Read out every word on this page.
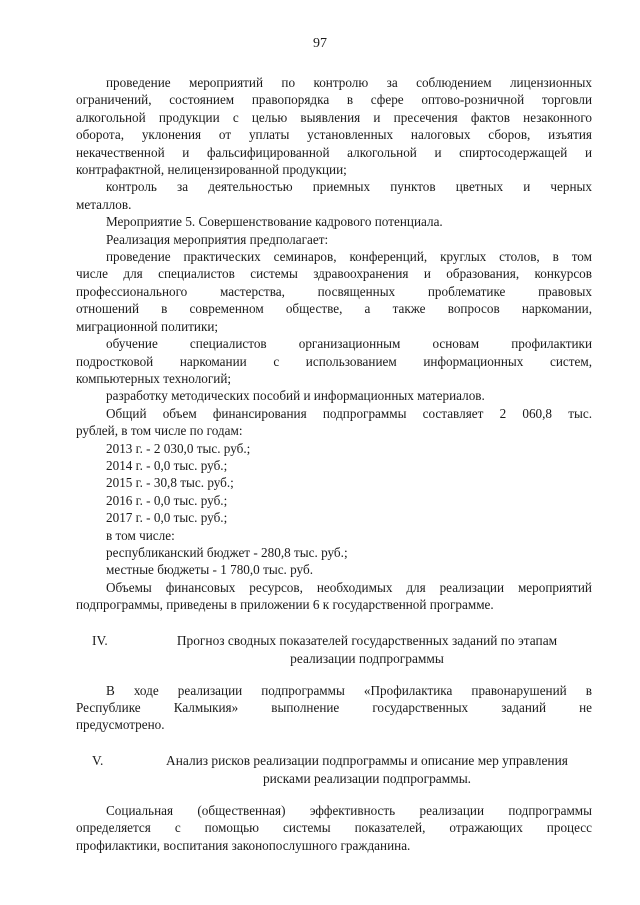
97

проведение мероприятий по контролю за соблюдением лицензионных

ограничений, состоянием правопорядка в сфере оптово-розничной торговли

алкогольной продукции с целью выявления и пресечения фактов незаконного

оборота, уклонения от уплаты установленных налоговых сборов, изъятия

некачественной и фальсифицированной алкогольной и спиртосодержащей и

контрафактной, нелицензированной продукции;

контроль за деятельностью приемных пунктов цветных и черных

металлов.

Мероприятие 5. Совершенствование кадрового потенциала.

Реализация мероприятия предполагает:

проведение практических семинаров, конференций, круглых столов, в том

числе для специалистов системы здравоохранения и образования, конкурсов

профессионального мастерства, посвященных проблематике правовых

отношений в современном обществе, а также вопросов наркомании,

миграционной политики;

обучение специалистов организационным основам профилактики

подростковой наркомании с использованием информационных систем,

компьютерных технологий;

разработку методических пособий и информационных материалов.

Общий объем финансирования подпрограммы составляет 2 060,8 тыс.

рублей, в том числе по годам:

2013 г. - 2 030,0 тыс. руб.;

2014 г. - 0,0 тыс. руб.;

2015 г. - 30,8 тыс. руб.;

2016 г. - 0,0 тыс. руб.;

2017 г. - 0,0 тыс. руб.;

в том числе:

республиканский бюджет - 280,8 тыс. руб.;

местные бюджеты - 1 780,0 тыс. руб.

Объемы финансовых ресурсов, необходимых для реализации мероприятий

подпрограммы, приведены в приложении 6 к государственной программе.

IV.	Прогноз сводных показателей государственных заданий по этапам
реализации подпрограммы

В ходе реализации подпрограммы «Профилактика правонарушений в

Республике Калмыкия» выполнение государственных заданий не

предусмотрено.

V.	Анализ рисков реализации подпрограммы и описание мер управления
рисками реализации подпрограммы.

Социальная (общественная) эффективность реализации подпрограммы

определяется с помощью системы показателей, отражающих процесс

профилактики, воспитания законопослушного гражданина.
